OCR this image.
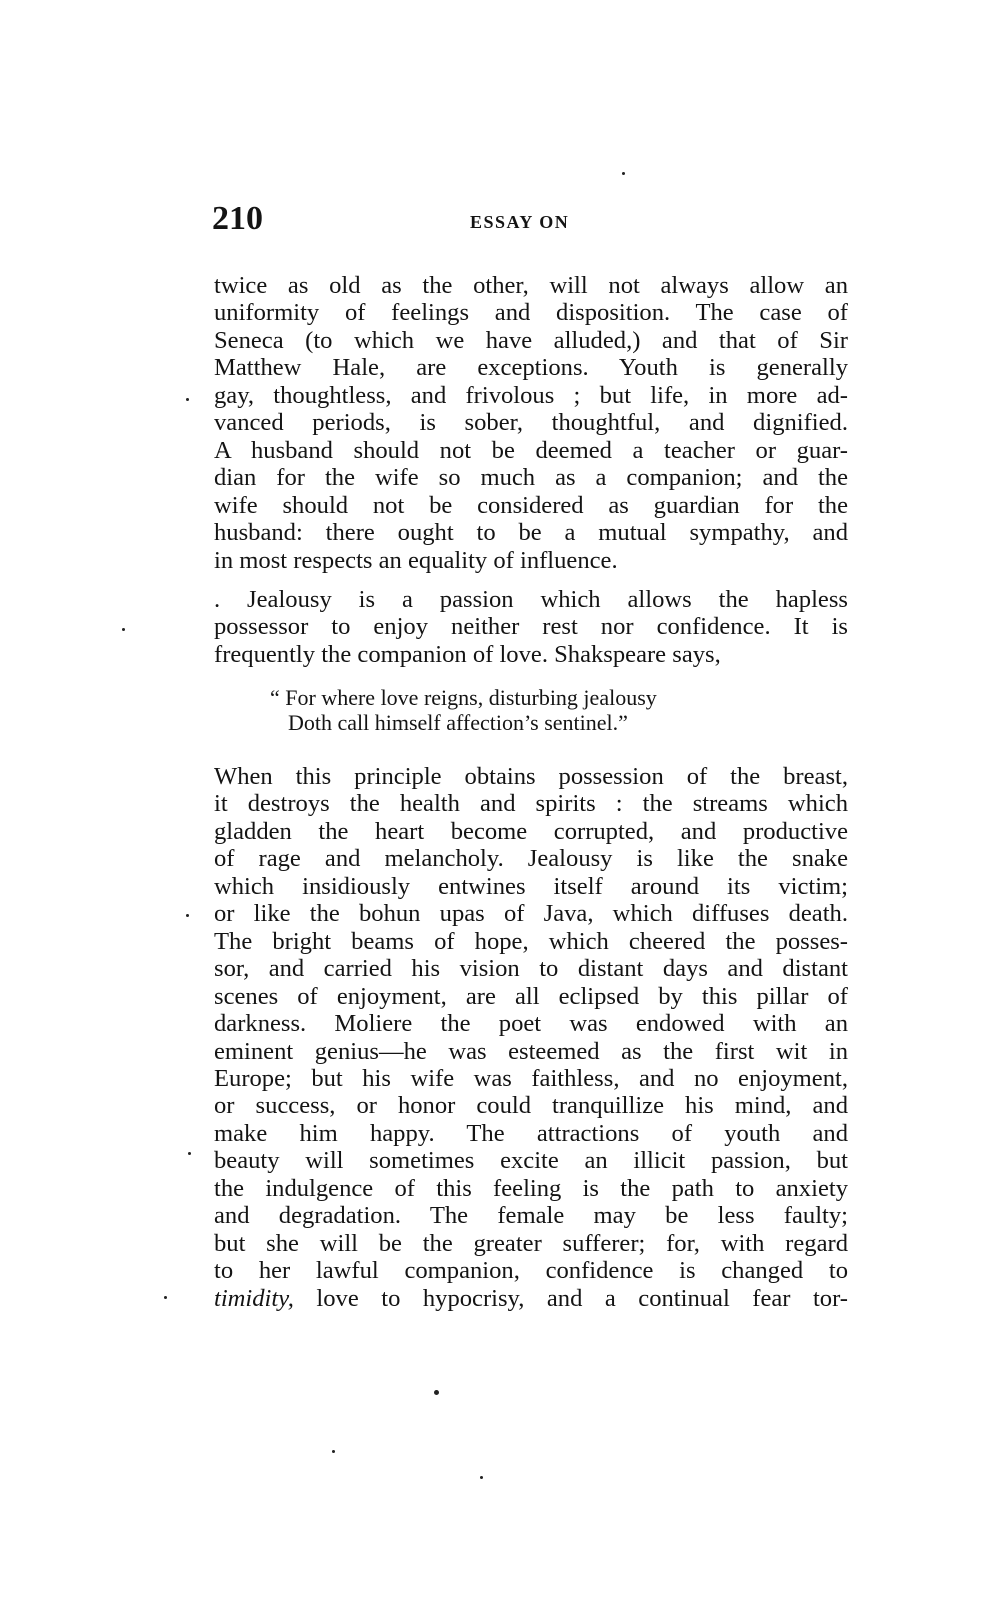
210	ESSAY ON
twice as old as the other, will not always allow an
uniformity of feelings and disposition. The case of
Seneca (to which we have alluded,) and that of Sir
Matthew Hale, are exceptions. Youth is generally
gay, thoughtless, and frivolous ; but life, in more ad-
vanced periods, is sober, thoughtful, and dignified.
A husband should not be deemed a teacher or guar-
dian for the wife so much as a companion; and the
wife should not be considered as guardian for the
husband: there ought to be a mutual sympathy, and
in most respects an equality of influence.
. Jealousy is a passion which allows the hapless
possessor to enjoy neither rest nor confidence. It is
frequently the companion of love. Shakspeare says,
“ For where love reigns, disturbing jealousy
Doth call himself affection’s sentinel.”
When this principle obtains possession of the breast,
it destroys the health and spirits : the streams which
gladden the heart become corrupted, and productive
of rage and melancholy. Jealousy is like the snake
which insidiously entwines itself around its victim;
or like the bohun upas of Java, which diffuses death.
The bright beams of hope, which cheered the posses-
sor, and carried his vision to distant days and distant
scenes of enjoyment, are all eclipsed by this pillar of
darkness. Moliere the poet was endowed with an
eminent genius—he was esteemed as the first wit in
Europe; but his wife was faithless, and no enjoyment,
or success, or honor could tranquillize his mind, and
make him happy. The attractions of youth and
beauty will sometimes excite an illicit passion, but
the indulgence of this feeling is the path to anxiety
and degradation. The female may be less faulty;
but she will be the greater sufferer; for, with regard
to her lawful companion, confidence is changed to
timidity, love to hypocrisy, and a continual fear tor-
